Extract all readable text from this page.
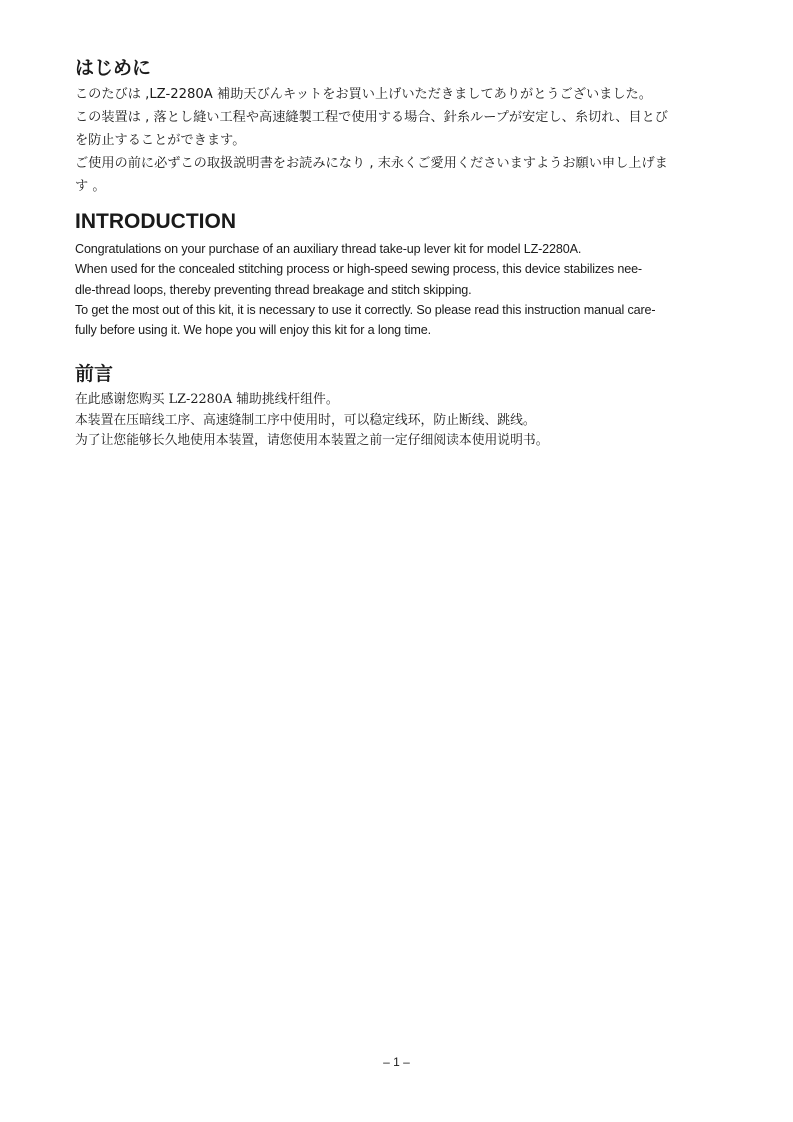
はじめに

このたびは ,LZ-2280A 補助天びんキットをお買い上げいただきましてありがとうございました。

この装置は , 落とし縫い工程や高速縫製工程で使用する場合、針糸ループが安定し、糸切れ、目とび

を防止することができます。

ご使用の前に必ずこの取扱説明書をお読みになり , 末永くご愛用くださいますようお願い申し上げま

す 。

INTRODUCTION

Congratulations on your purchase of an auxiliary thread take-up lever kit for model LZ-2280A.

When used for the concealed stitching process or high-speed sewing process, this device stabilizes nee-

dle-thread loops, thereby preventing thread breakage and stitch skipping.

To get the most out of this kit, it is necessary to use it correctly. So please read this instruction manual care-

fully before using it. We hope you will enjoy this kit for a long time.

前言

在此感谢您购买 LZ-2280A 辅助挑线杆组件。

本装置在压暗线工序、高速缝制工序中使用时，可以稳定线环，防止断线、跳线。

为了让您能够长久地使用本装置，请您使用本装置之前一定仔细阅读本使用说明书。

– 1 –
